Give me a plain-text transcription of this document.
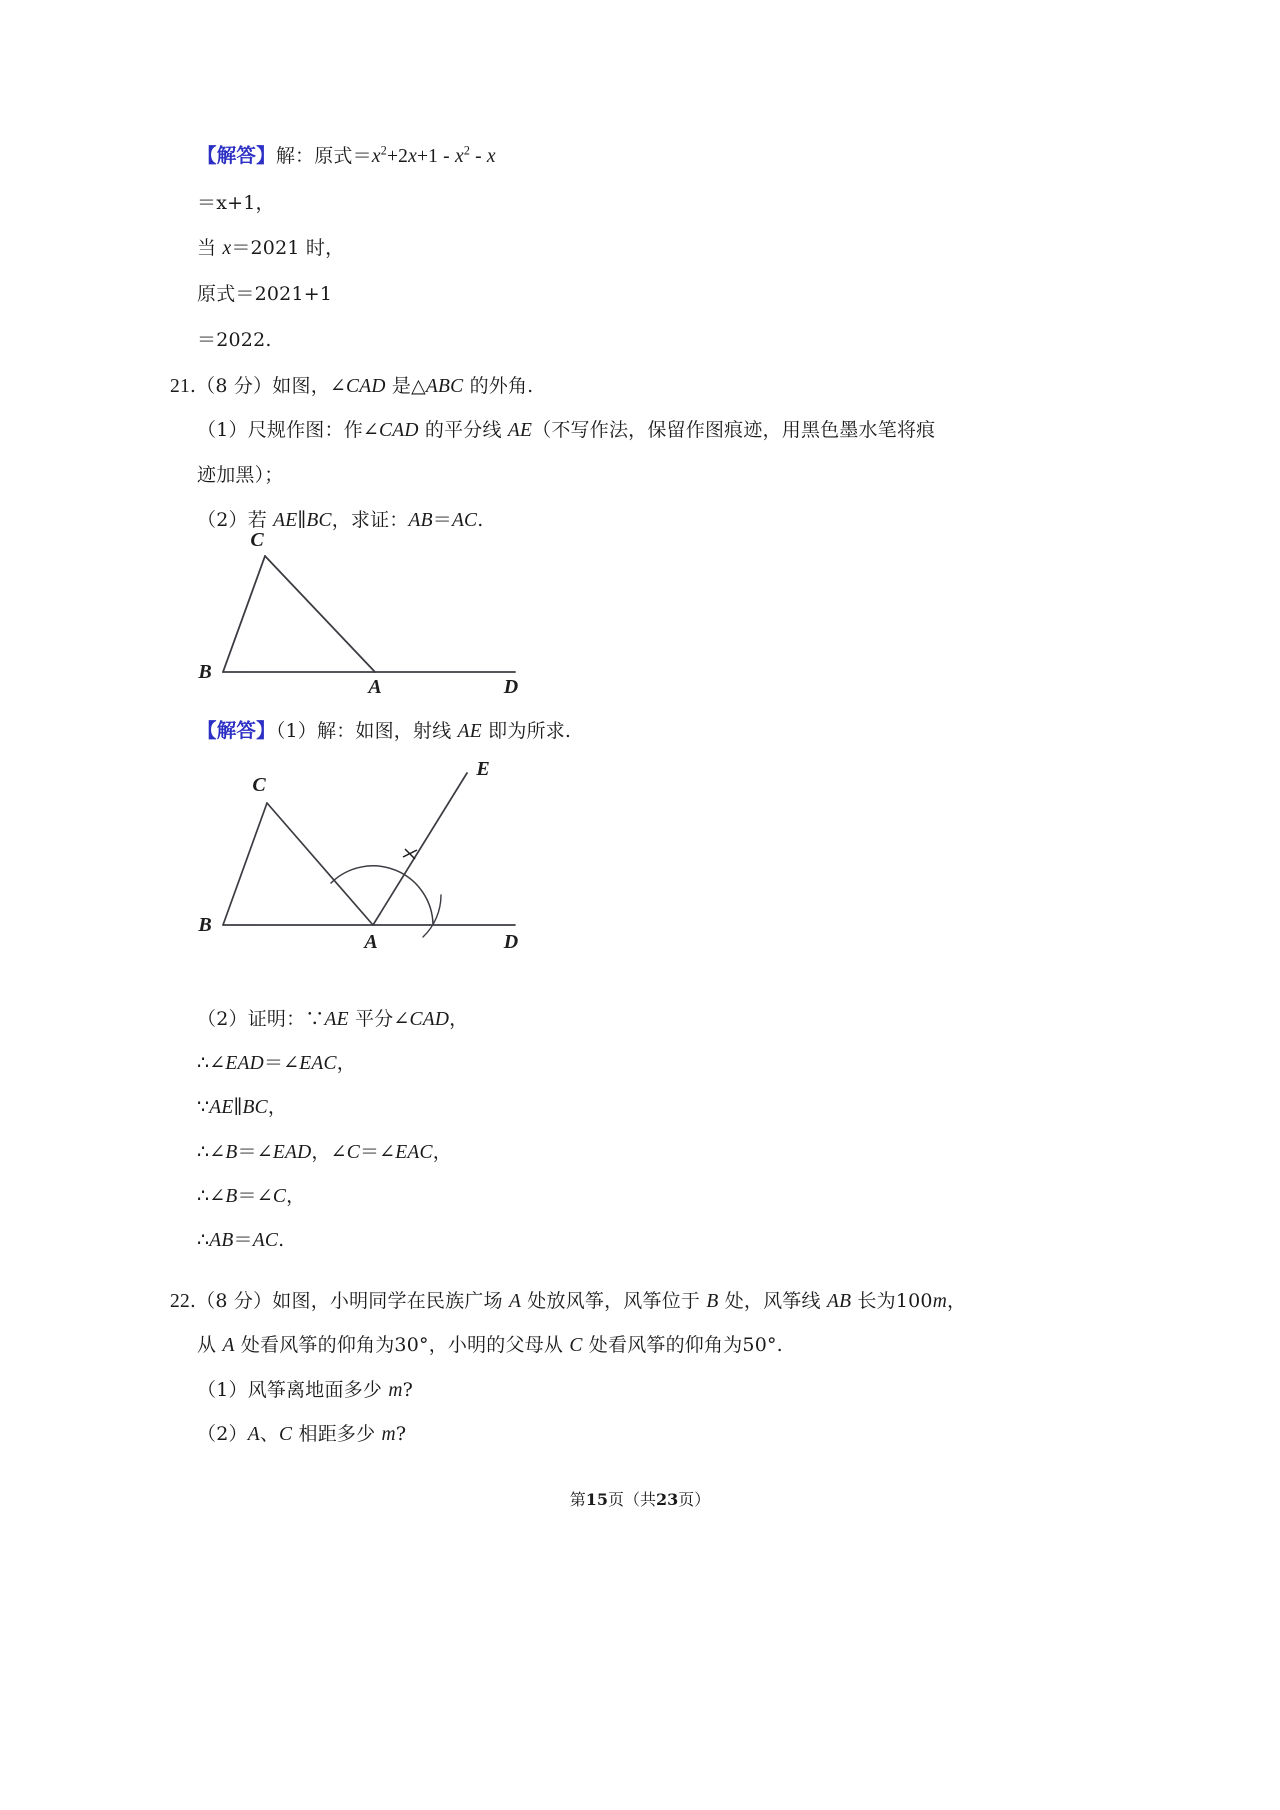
【解答】解：原式$=x^2+2x+1 - x^2 - x$
＝x+1，
当 x＝2021 时，
原式＝2021+1
＝2022.
21.（8 分）如图，∠CAD 是△ABC 的外角.
（1）尺规作图：作∠CAD 的平分线 AE（不写作法，保留作图痕迹，用黑色墨水笔将痕
迹加黑）；
（2）若 AE∥BC，求证：AB＝AC.
C
B
A	D
【解答】（1）解：如图，射线 AE 即为所求.
E
C
B
A	D
（2）证明：∵AE 平分∠CAD，
∴∠EAD＝∠EAC，
∵AE∥BC，
∴∠B＝∠EAD，∠C＝∠EAC，
∴∠B＝∠C，
∴AB＝AC.
22.（8 分）如图，小明同学在民族广场 A 处放风筝，风筝位于 B 处，风筝线 AB 长为100m，
从 A 处看风筝的仰角为30°，小明的父母从 C 处看风筝的仰角为50°.
（1）风筝离地面多少 m?
（2）A、C 相距多少 m?
第15页（共23页）
